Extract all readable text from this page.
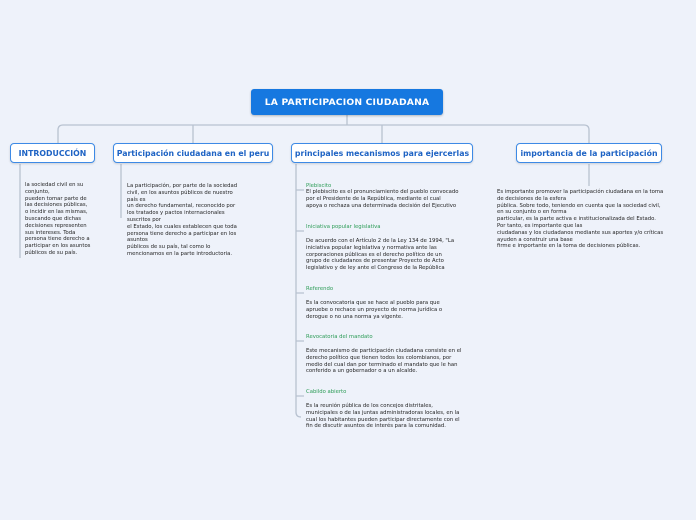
LA PARTICIPACION CIUDADANA
INTRODUCCIÓN	Participación ciudadana en el peru	principales mecanismos para ejercerlas	importancia de la participación
la sociedad civil en su
conjunto,
pueden tomar parte de
las decisiones públicas,
o incidir en las mismas,
buscando que dichas
decisiones representen
sus intereses. Toda
persona tiene derecho a
participar en los asuntos
públicos de su país.
La participación, por parte de la sociedad
civil, en los asuntos públicos de nuestro
país es
un derecho fundamental, reconocido por
los tratados y pactos internacionales
suscritos por
el Estado, los cuales establecen que toda
persona tiene derecho a participar en los
asuntos
públicos de su país, tal como lo
mencionamos en la parte introductoria.
Plebiscito
El plebiscito es el pronunciamiento del pueblo convocado
por el Presidente de la República, mediante el cual
apoya o rechaza una determinada decisión del Ejecutivo
Iniciativa popular legislativa
De acuerdo con el Artículo 2 de la Ley 134 de 1994, "La
iniciativa popular legislativa y normativa ante las
corporaciones públicas es el derecho político de un
grupo de ciudadanos de presentar Proyecto de Acto
legislativo y de ley ante el Congreso de la República
Referendo
Es la convocatoria que se hace al pueblo para que
apruebe o rechace un proyecto de norma jurídica o
derogue o no una norma ya vigente.
Revocatoria del mandato
Este mecanismo de participación ciudadana consiste en el
derecho político que tienen todos los colombianos, por
medio del cual dan por terminado el mandato que le han
conferido a un gobernador o a un alcalde.
Cabildo abierto
Es la reunión pública de los concejos distritales,
municipales o de las juntas administradoras locales, en la
cual los habitantes pueden participar directamente con el
fin de discutir asuntos de interés para la comunidad.
Es importante promover la participación ciudadana en la toma
de decisiones de la esfera
pública. Sobre todo, teniendo en cuenta que la sociedad civil,
en su conjunto o en forma
particular, es la parte activa e institucionalizada del Estado.
Por tanto, es importante que las
ciudadanas y los ciudadanos mediante sus aportes y/o críticas
ayuden a construir una base
firme e importante en la toma de decisiones públicas.
